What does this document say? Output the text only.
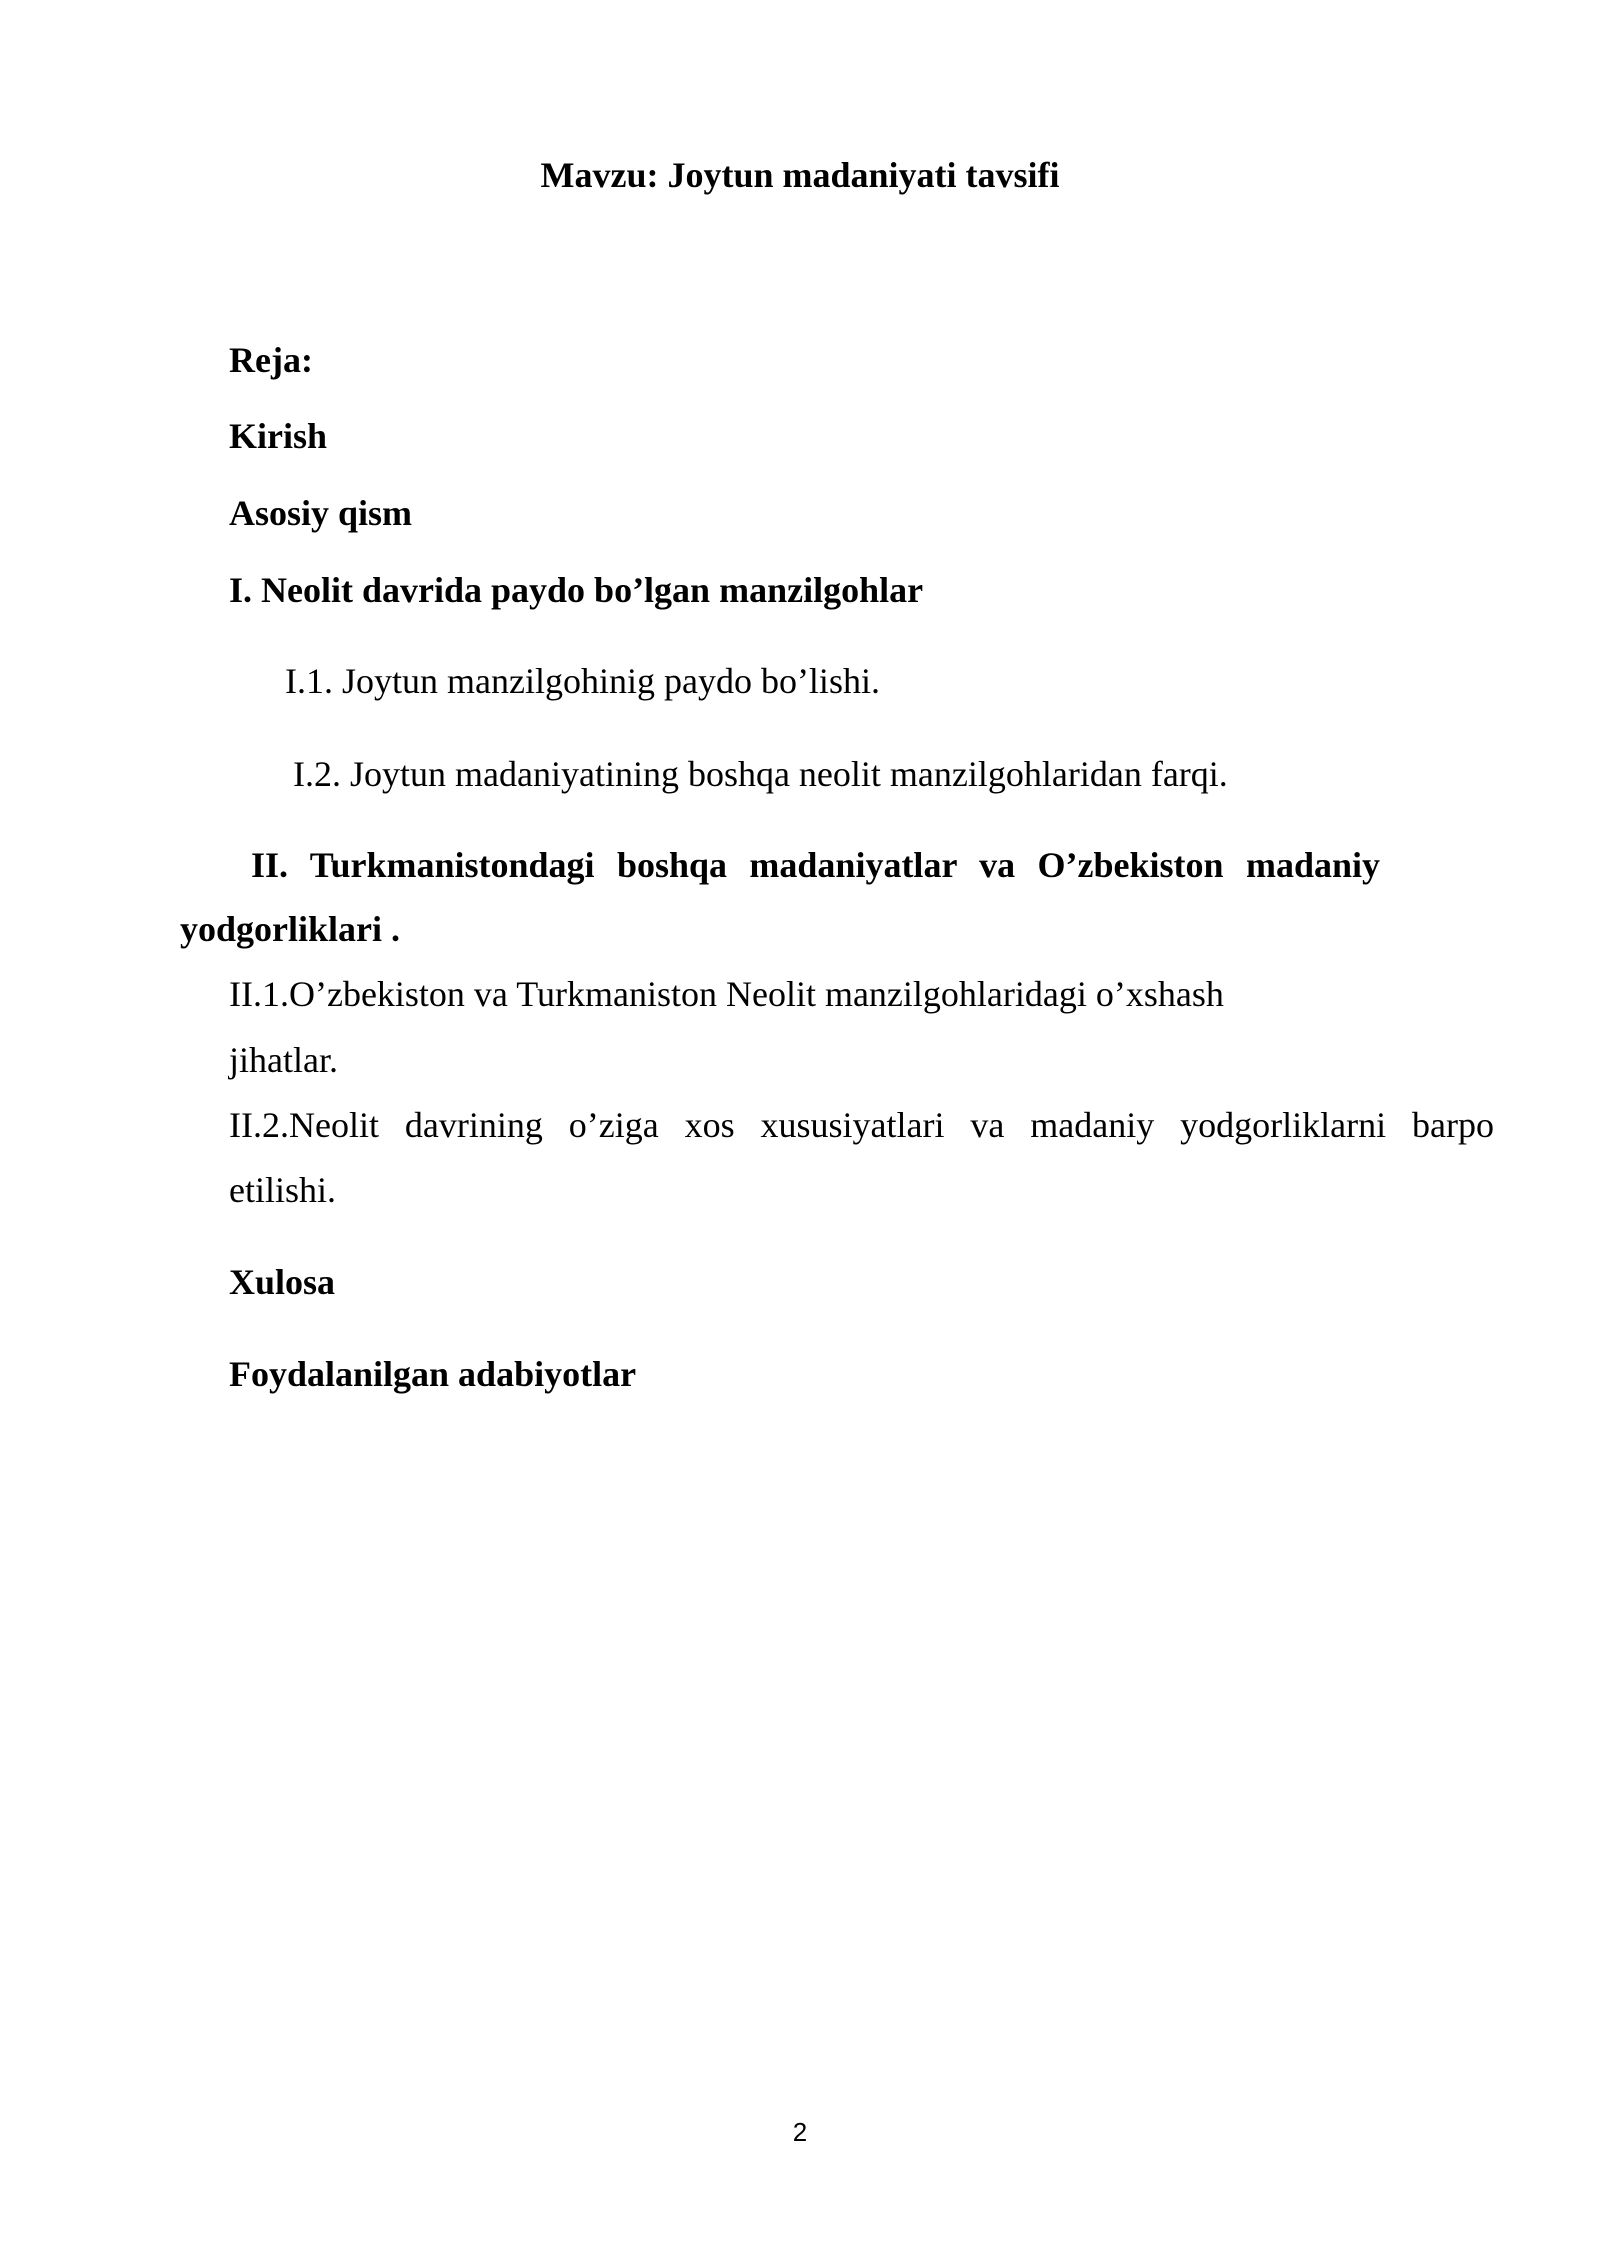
Mavzu: Joytun madaniyati tavsifi
Reja:
Kirish
Asosiy qism
I. Neolit davrida paydo bo’lgan manzilgohlar
I.1. Joytun manzilgohinig paydo bo’lishi.
I.2. Joytun madaniyatining boshqa neolit manzilgohlaridan farqi.
II. Turkmanistondagi boshqa madaniyatlar va O’zbekiston madaniy
yodgorliklari .
II.1.O’zbekiston va Turkmaniston Neolit manzilgohlaridagi o’xshash
jihatlar.
II.2.Neolit davrining o’ziga xos xususiyatlari va madaniy yodgorliklarni barpo
etilishi.
Xulosa
Foydalanilgan adabiyotlar
2
